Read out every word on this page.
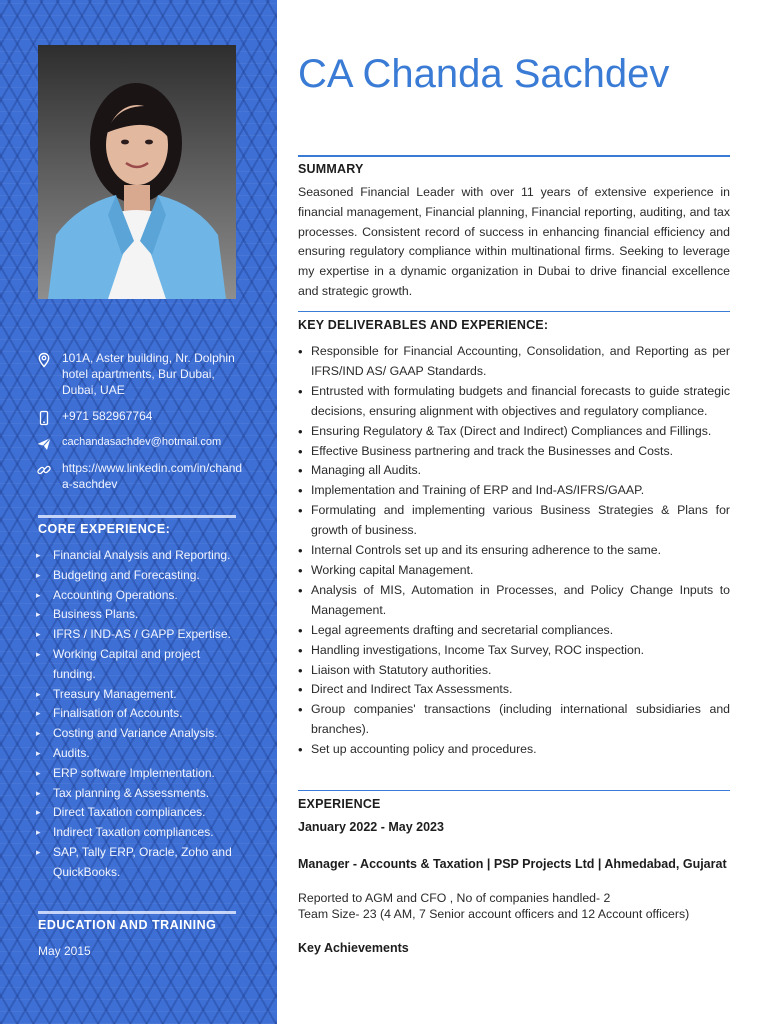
101A, Aster building, Nr. Dolphin hotel apartments, Bur Dubai, Dubai, UAE
+971 582967764
cachandasachdev@hotmail.com
https://www.linkedin.com/in/chanda-sachdev
CORE EXPERIENCE:
▸ Financial Analysis and Reporting.
▸ Budgeting and Forecasting.
▸ Accounting Operations.
▸ Business Plans.
▸ IFRS / IND-AS / GAPP Expertise.
▸ Working Capital and project funding.
▸ Treasury Management.
▸ Finalisation of Accounts.
▸ Costing and Variance Analysis.
▸ Audits.
▸ ERP software Implementation.
▸ Tax planning & Assessments.
▸ Direct Taxation compliances.
▸ Indirect Taxation compliances.
▸ SAP, Tally ERP, Oracle, Zoho and QuickBooks.
EDUCATION AND TRAINING
May 2015
CA Chanda Sachdev
SUMMARY

Seasoned Financial Leader with over 11 years of extensive experience in financial management, Financial planning, Financial reporting, auditing, and tax processes. Consistent record of success in enhancing financial efficiency and ensuring regulatory compliance within multinational firms. Seeking to leverage my expertise in a dynamic organization in Dubai to drive financial excellence and strategic growth.

KEY DELIVERABLES AND EXPERIENCE:
• Responsible for Financial Accounting, Consolidation, and Reporting as per IFRS/IND AS/ GAAP Standards.
• Entrusted with formulating budgets and financial forecasts to guide strategic decisions, ensuring alignment with objectives and regulatory compliance.
• Ensuring Regulatory & Tax (Direct and Indirect) Compliances and Fillings.
• Effective Business partnering and track the Businesses and Costs.
• Managing all Audits.
• Implementation and Training of ERP and Ind-AS/IFRS/GAAP.
• Formulating and implementing various Business Strategies & Plans for growth of business.
• Internal Controls set up and its ensuring adherence to the same.
• Working capital Management.
• Analysis of MIS, Automation in Processes, and Policy Change Inputs to Management.
• Legal agreements drafting and secretarial compliances.
• Handling investigations, Income Tax Survey, ROC inspection.
• Liaison with Statutory authorities.
• Direct and Indirect Tax Assessments.
• Group companies' transactions (including international subsidiaries and branches).
• Set up accounting policy and procedures.
EXPERIENCE
January 2022 - May 2023
Manager - Accounts & Taxation | PSP Projects Ltd | Ahmedabad, Gujarat
Reported to AGM and CFO , No of companies handled- 2
Team Size- 23 (4 AM, 7 Senior account officers and 12 Account officers)
Key Achievements
